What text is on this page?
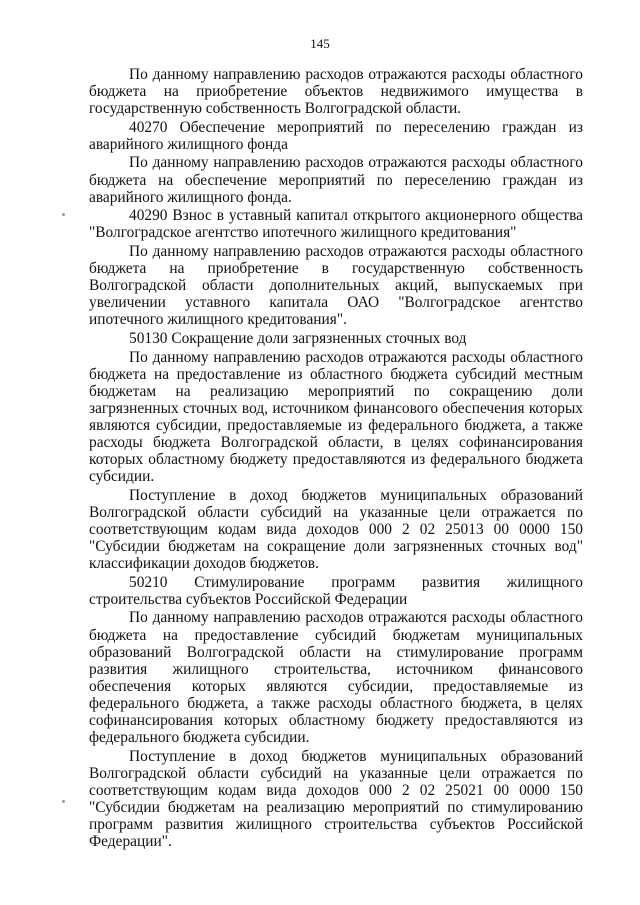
145

По данному направлению расходов отражаются расходы областного бюджета на приобретение объектов недвижимого имущества в государственную собственность Волгоградской области.

40270 Обеспечение мероприятий по переселению граждан из аварийного жилищного фонда

По данному направлению расходов отражаются расходы областного бюджета на обеспечение мероприятий по переселению граждан из аварийного жилищного фонда.

40290 Взнос в уставный капитал открытого акционерного общества "Волгоградское агентство ипотечного жилищного кредитования"

По данному направлению расходов отражаются расходы областного бюджета на приобретение в государственную собственность Волгоградской области дополнительных акций, выпускаемых при увеличении уставного капитала ОАО "Волгоградское агентство ипотечного жилищного кредитования".

50130 Сокращение доли загрязненных сточных вод

По данному направлению расходов отражаются расходы областного бюджета на предоставление из областного бюджета субсидий местным бюджетам на реализацию мероприятий по сокращению доли загрязненных сточных вод, источником финансового обеспечения которых являются субсидии, предоставляемые из федерального бюджета, а также расходы бюджета Волгоградской области, в целях софинансирования которых областному бюджету предоставляются из федерального бюджета субсидии.

Поступление в доход бюджетов муниципальных образований Волгоградской области субсидий на указанные цели отражается по соответствующим кодам вида доходов 000 2 02 25013 00 0000 150 "Субсидии бюджетам на сокращение доли загрязненных сточных вод" классификации доходов бюджетов.

50210 Стимулирование программ развития жилищного строительства субъектов Российской Федерации

По данному направлению расходов отражаются расходы областного бюджета на предоставление субсидий бюджетам муниципальных образований Волгоградской области на стимулирование программ развития жилищного строительства, источником финансового обеспечения которых являются субсидии, предоставляемые из федерального бюджета, а также расходы областного бюджета, в целях софинансирования которых областному бюджету предоставляются из федерального бюджета субсидии.

Поступление в доход бюджетов муниципальных образований Волгоградской области субсидий на указанные цели отражается по соответствующим кодам вида доходов 000 2 02 25021 00 0000 150 "Субсидии бюджетам на реализацию мероприятий по стимулированию программ развития жилищного строительства субъектов Российской Федерации".
